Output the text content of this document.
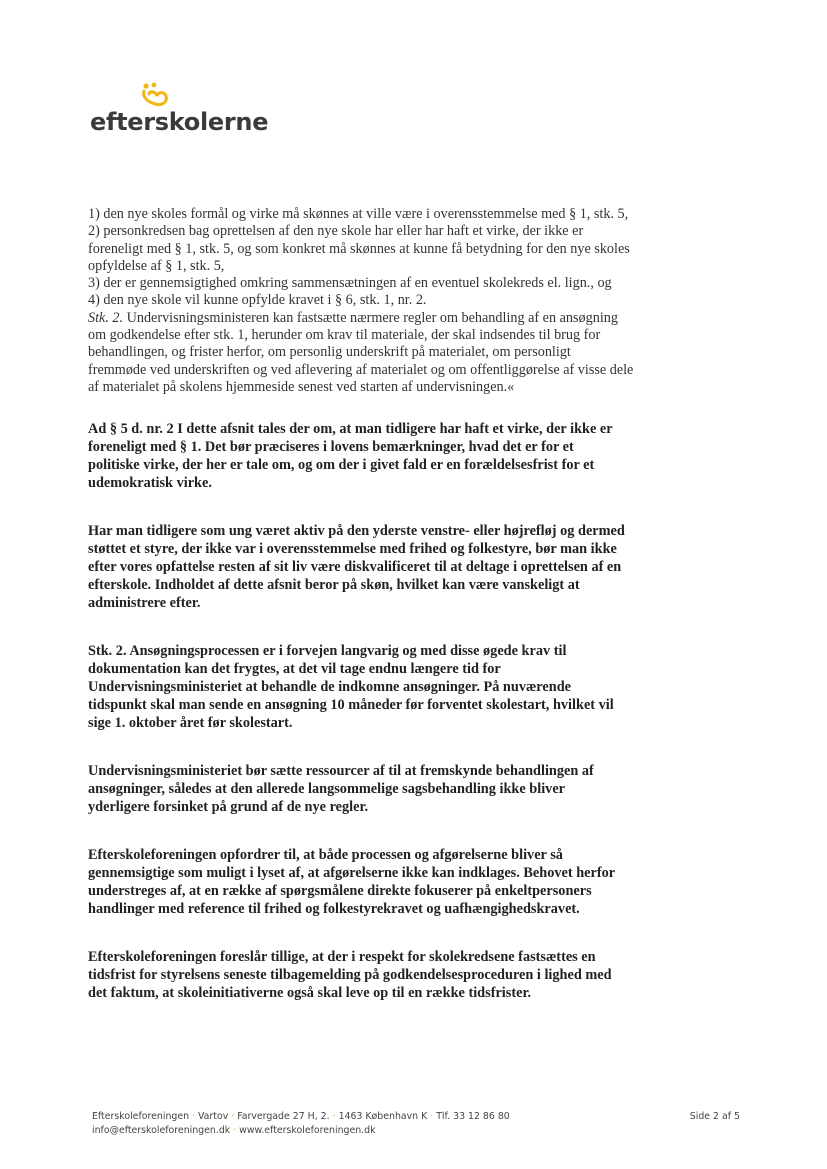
efterskolerne
1) den nye skoles formål og virke må skønnes at ville være i overensstemmelse med § 1, stk. 5,
2) personkredsen bag oprettelsen af den nye skole har eller har haft et virke, der ikke er
foreneligt med § 1, stk. 5, og som konkret må skønnes at kunne få betydning for den nye skoles
opfyldelse af § 1, stk. 5,
3) der er gennemsigtighed omkring sammensætningen af en eventuel skolekreds el. lign., og
4) den nye skole vil kunne opfylde kravet i § 6, stk. 1, nr. 2.
Stk. 2. Undervisningsministeren kan fastsætte nærmere regler om behandling af en ansøgning
om godkendelse efter stk. 1, herunder om krav til materiale, der skal indsendes til brug for
behandlingen, og frister herfor, om personlig underskrift på materialet, om personligt
fremmøde ved underskriften og ved aflevering af materialet og om offentliggørelse af visse dele
af materialet på skolens hjemmeside senest ved starten af undervisningen.«
Ad § 5 d. nr. 2 I dette afsnit tales der om, at man tidligere har haft et virke, der ikke er
foreneligt med § 1. Det bør præciseres i lovens bemærkninger, hvad det er for et
politiske virke, der her er tale om, og om der i givet fald er en forældelsesfrist for et
udemokratisk virke.
Har man tidligere som ung været aktiv på den yderste venstre- eller højrefløj og dermed
støttet et styre, der ikke var i overensstemmelse med frihed og folkestyre, bør man ikke
efter vores opfattelse resten af sit liv være diskvalificeret til at deltage i oprettelsen af en
efterskole. Indholdet af dette afsnit beror på skøn, hvilket kan være vanskeligt at
administrere efter.
Stk. 2. Ansøgningsprocessen er i forvejen langvarig og med disse øgede krav til
dokumentation kan det frygtes, at det vil tage endnu længere tid for
Undervisningsministeriet at behandle de indkomne ansøgninger. På nuværende
tidspunkt skal man sende en ansøgning 10 måneder før forventet skolestart, hvilket vil
sige 1. oktober året før skolestart.
Undervisningsministeriet bør sætte ressourcer af til at fremskynde behandlingen af
ansøgninger, således at den allerede langsommelige sagsbehandling ikke bliver
yderligere forsinket på grund af de nye regler.
Efterskoleforeningen opfordrer til, at både processen og afgørelserne bliver så
gennemsigtige som muligt i lyset af, at afgørelserne ikke kan indklages. Behovet herfor
understreges af, at en række af spørgsmålene direkte fokuserer på enkeltpersoners
handlinger med reference til frihed og folkestyrekravet og uafhængighedskravet.
Efterskoleforeningen foreslår tillige, at der i respekt for skolekredsene fastsættes en
tidsfrist for styrelsens seneste tilbagemelding på godkendelsesproceduren i lighed med
det faktum, at skoleinitiativerne også skal leve op til en række tidsfrister.
Efterskoleforeningen · Vartov · Farvergade 27 H, 2. · 1463 København K · Tlf. 33 12 86 80
info@efterskoleforeningen.dk · www.efterskoleforeningen.dk
Side 2 af 5
